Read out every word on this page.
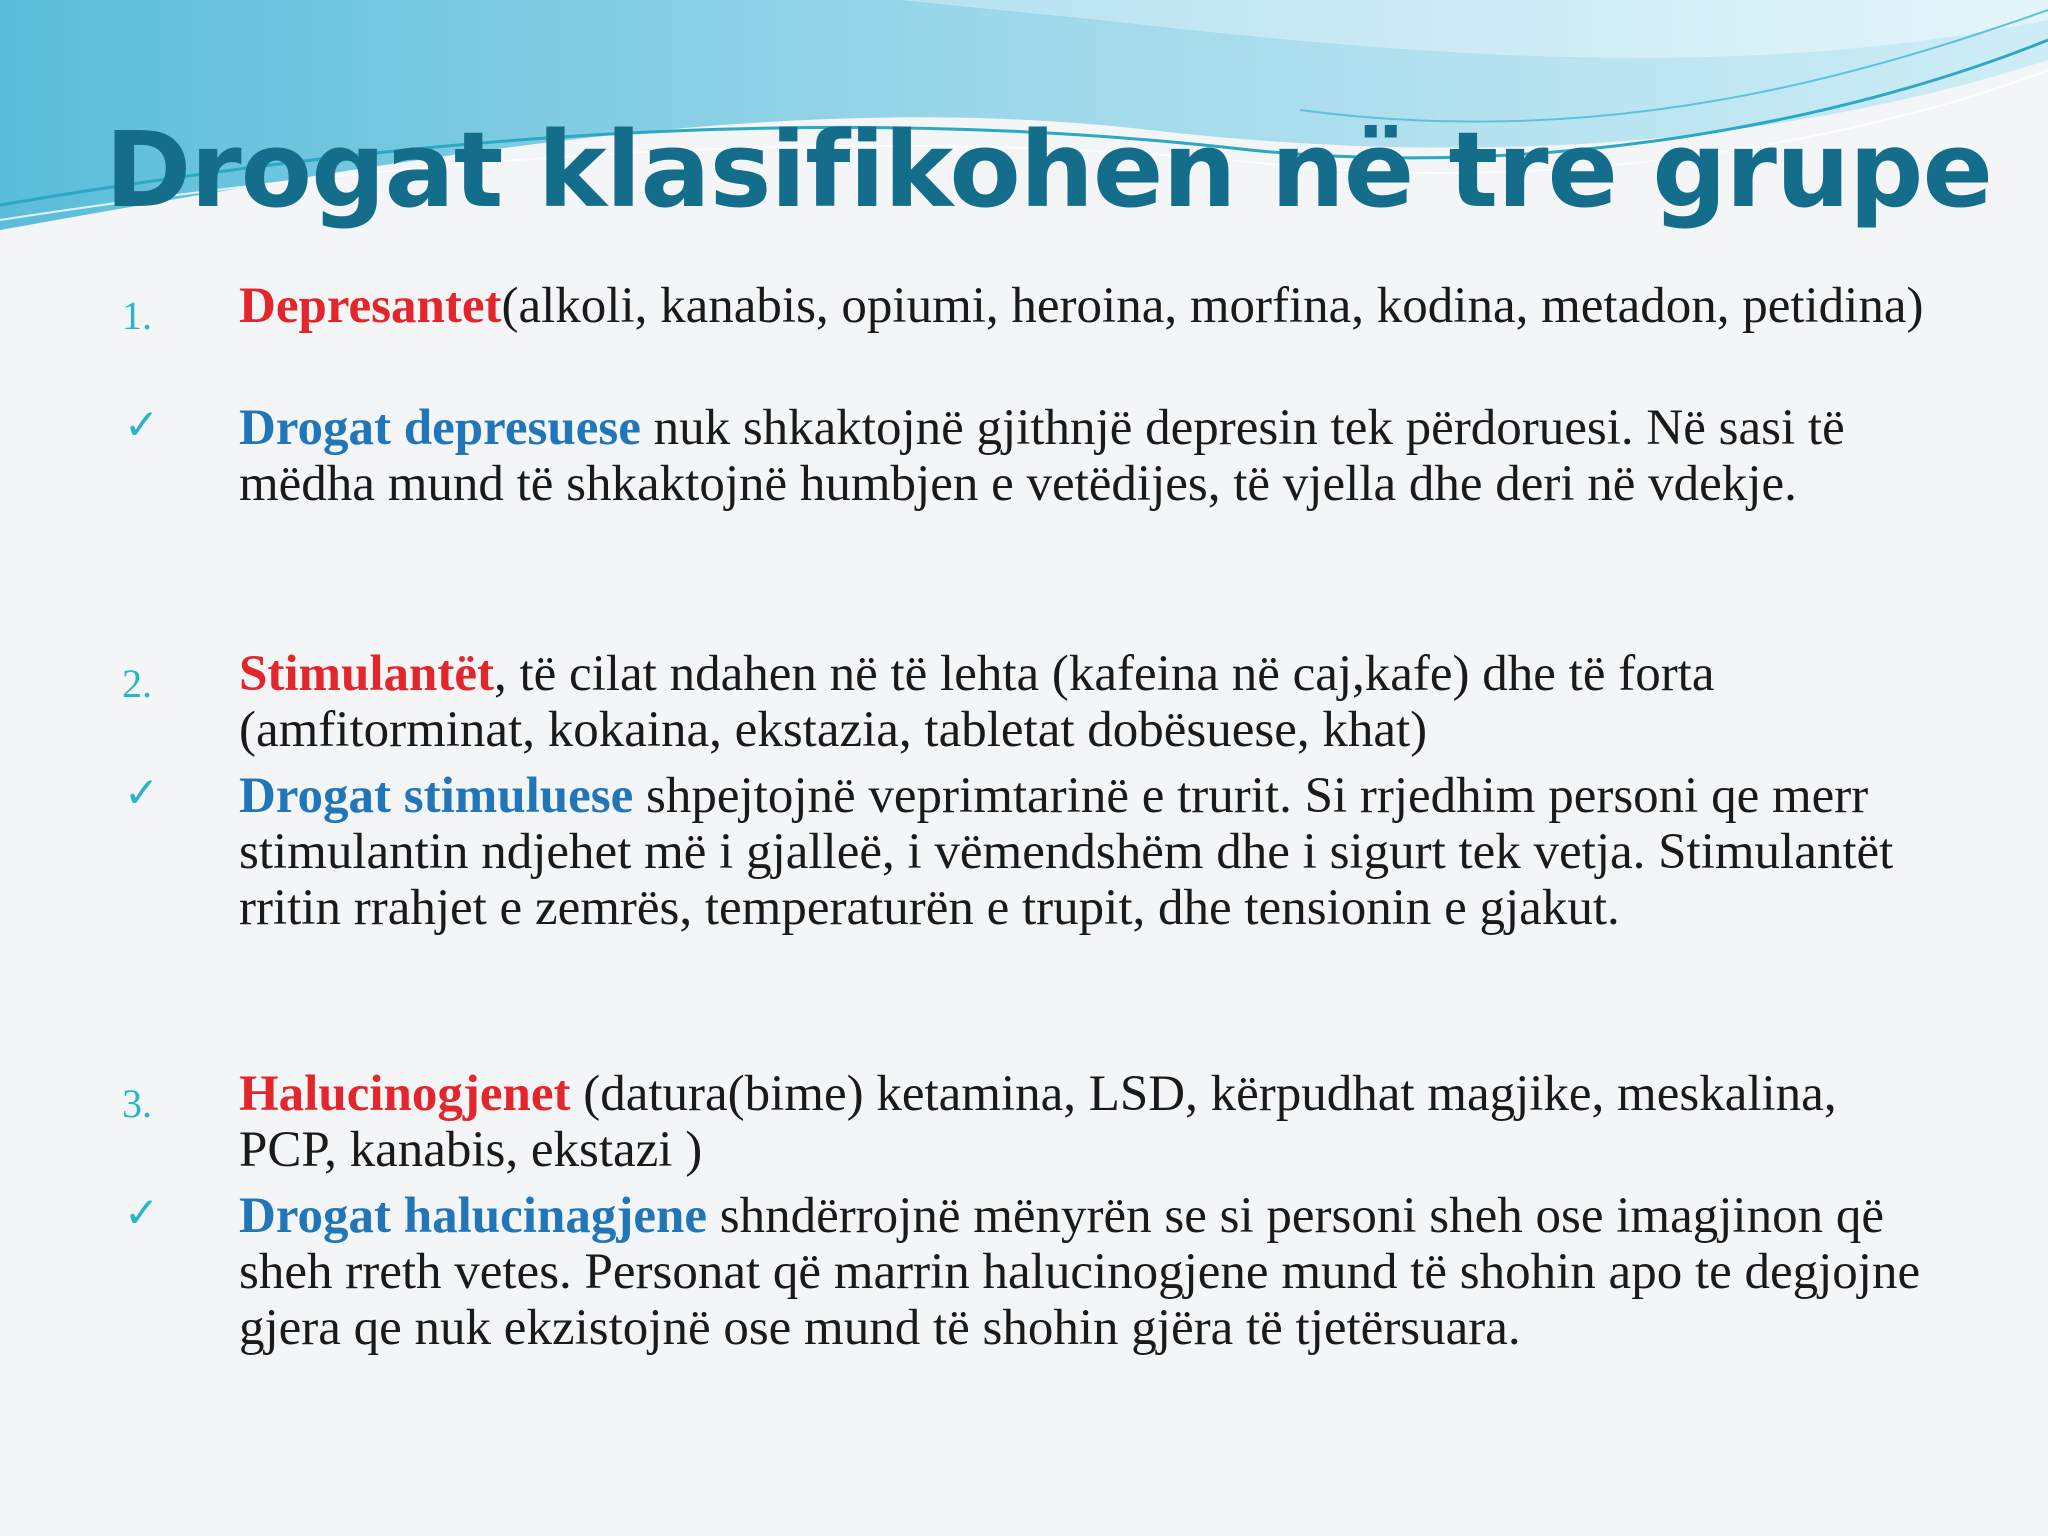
Drogat klasifikohen në tre grupe
1. Depresantet(alkoli, kanabis, opiumi, heroina, morfina, kodina, metadon, petidina)

✓ Drogat depresuese nuk shkaktojnë gjithnjë depresin tek përdoruesi. Në sasi të mëdha mund të shkaktojnë humbjen e vetëdijes, të vjella dhe deri në vdekje.

2. Stimulantët, të cilat ndahen në të lehta (kafeina në caj,kafe) dhe të forta (amfitorminat, kokaina, ekstazia, tabletat dobësuese, khat)

✓ Drogat stimuluese shpejtojnë veprimtarinë e trurit. Si rrjedhim personi qe merr stimulantin ndjehet më i gjalleë, i vëmendshëm dhe i sigurt tek vetja. Stimulantët rritin rrahjet e zemrës, temperaturën e trupit, dhe tensionin e gjakut.

3. Halucinogjenet (datura(bime) ketamina, LSD, kërpudhat magjike, meskalina, PCP, kanabis, ekstazi )

✓ Drogat halucinagjene shndërrojnë mënyrën se si personi sheh ose imagjinon që sheh rreth vetes. Personat që marrin halucinogjene mund të shohin apo te degjojne gjera qe nuk ekzistojnë ose mund të shohin gjëra të tjetërsuara.
